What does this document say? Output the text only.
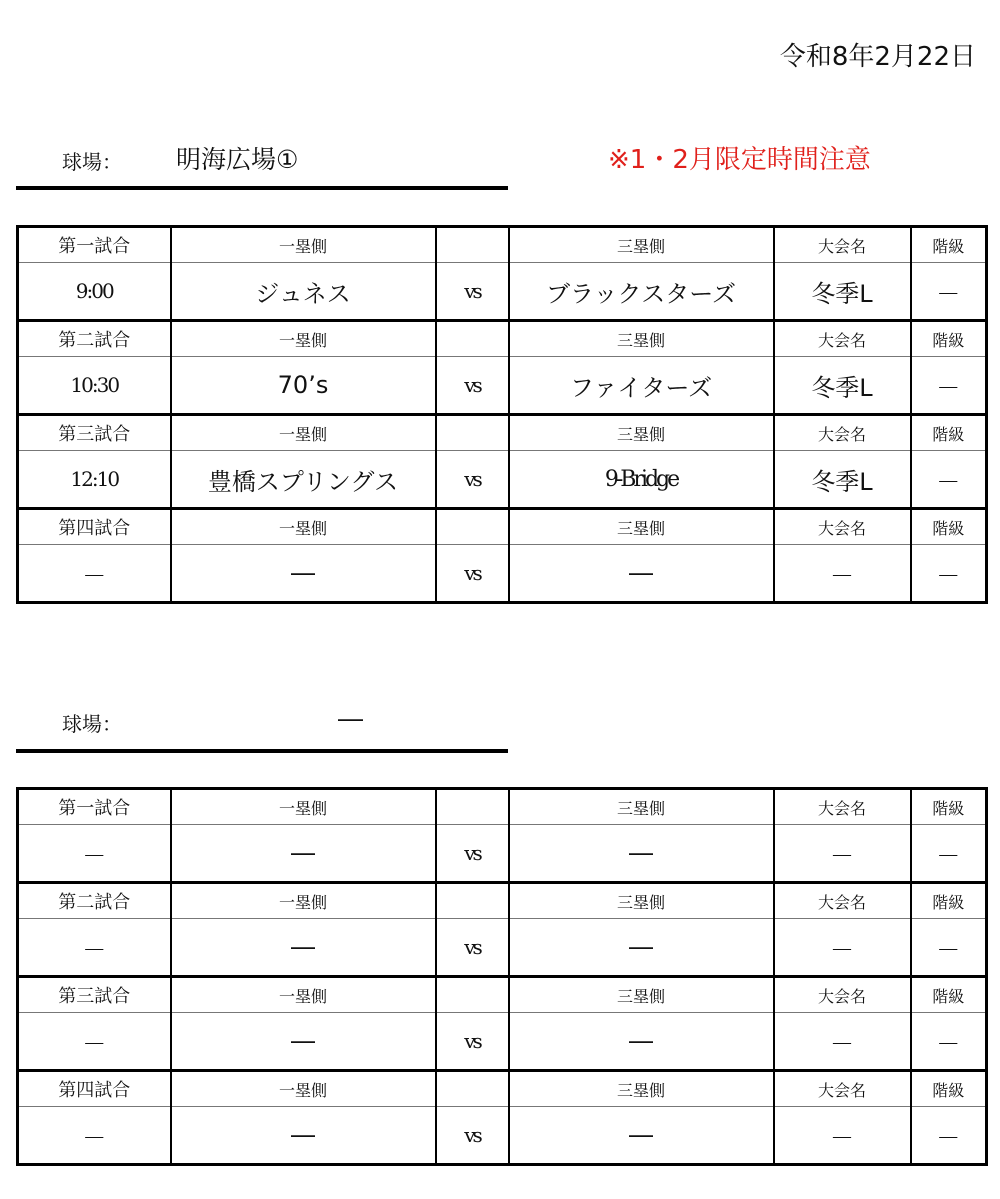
令和8年2月22日
球場： 明海広場①	※1・2月限定時間注意
第一試合	一塁側		三塁側	大会名	階級
9:00	ジュネス	vs	ブラックスターズ	冬季L	－
第二試合	一塁側		三塁側	大会名	階級
10:30	70’s	vs	ファイターズ	冬季L	－
第三試合	一塁側		三塁側	大会名	階級
12:10	豊橋スプリングス	vs	9-Bridge	冬季L	－
第四試合	一塁側		三塁側	大会名	階級
－	―	vs	―	－	－
球場：	―
第一試合	一塁側		三塁側	大会名	階級
－	―	vs	―	－	－
第二試合	一塁側		三塁側	大会名	階級
－	―	vs	―	－	－
第三試合	一塁側		三塁側	大会名	階級
－	―	vs	―	－	－
第四試合	一塁側		三塁側	大会名	階級
－	―	vs	―	－	－
